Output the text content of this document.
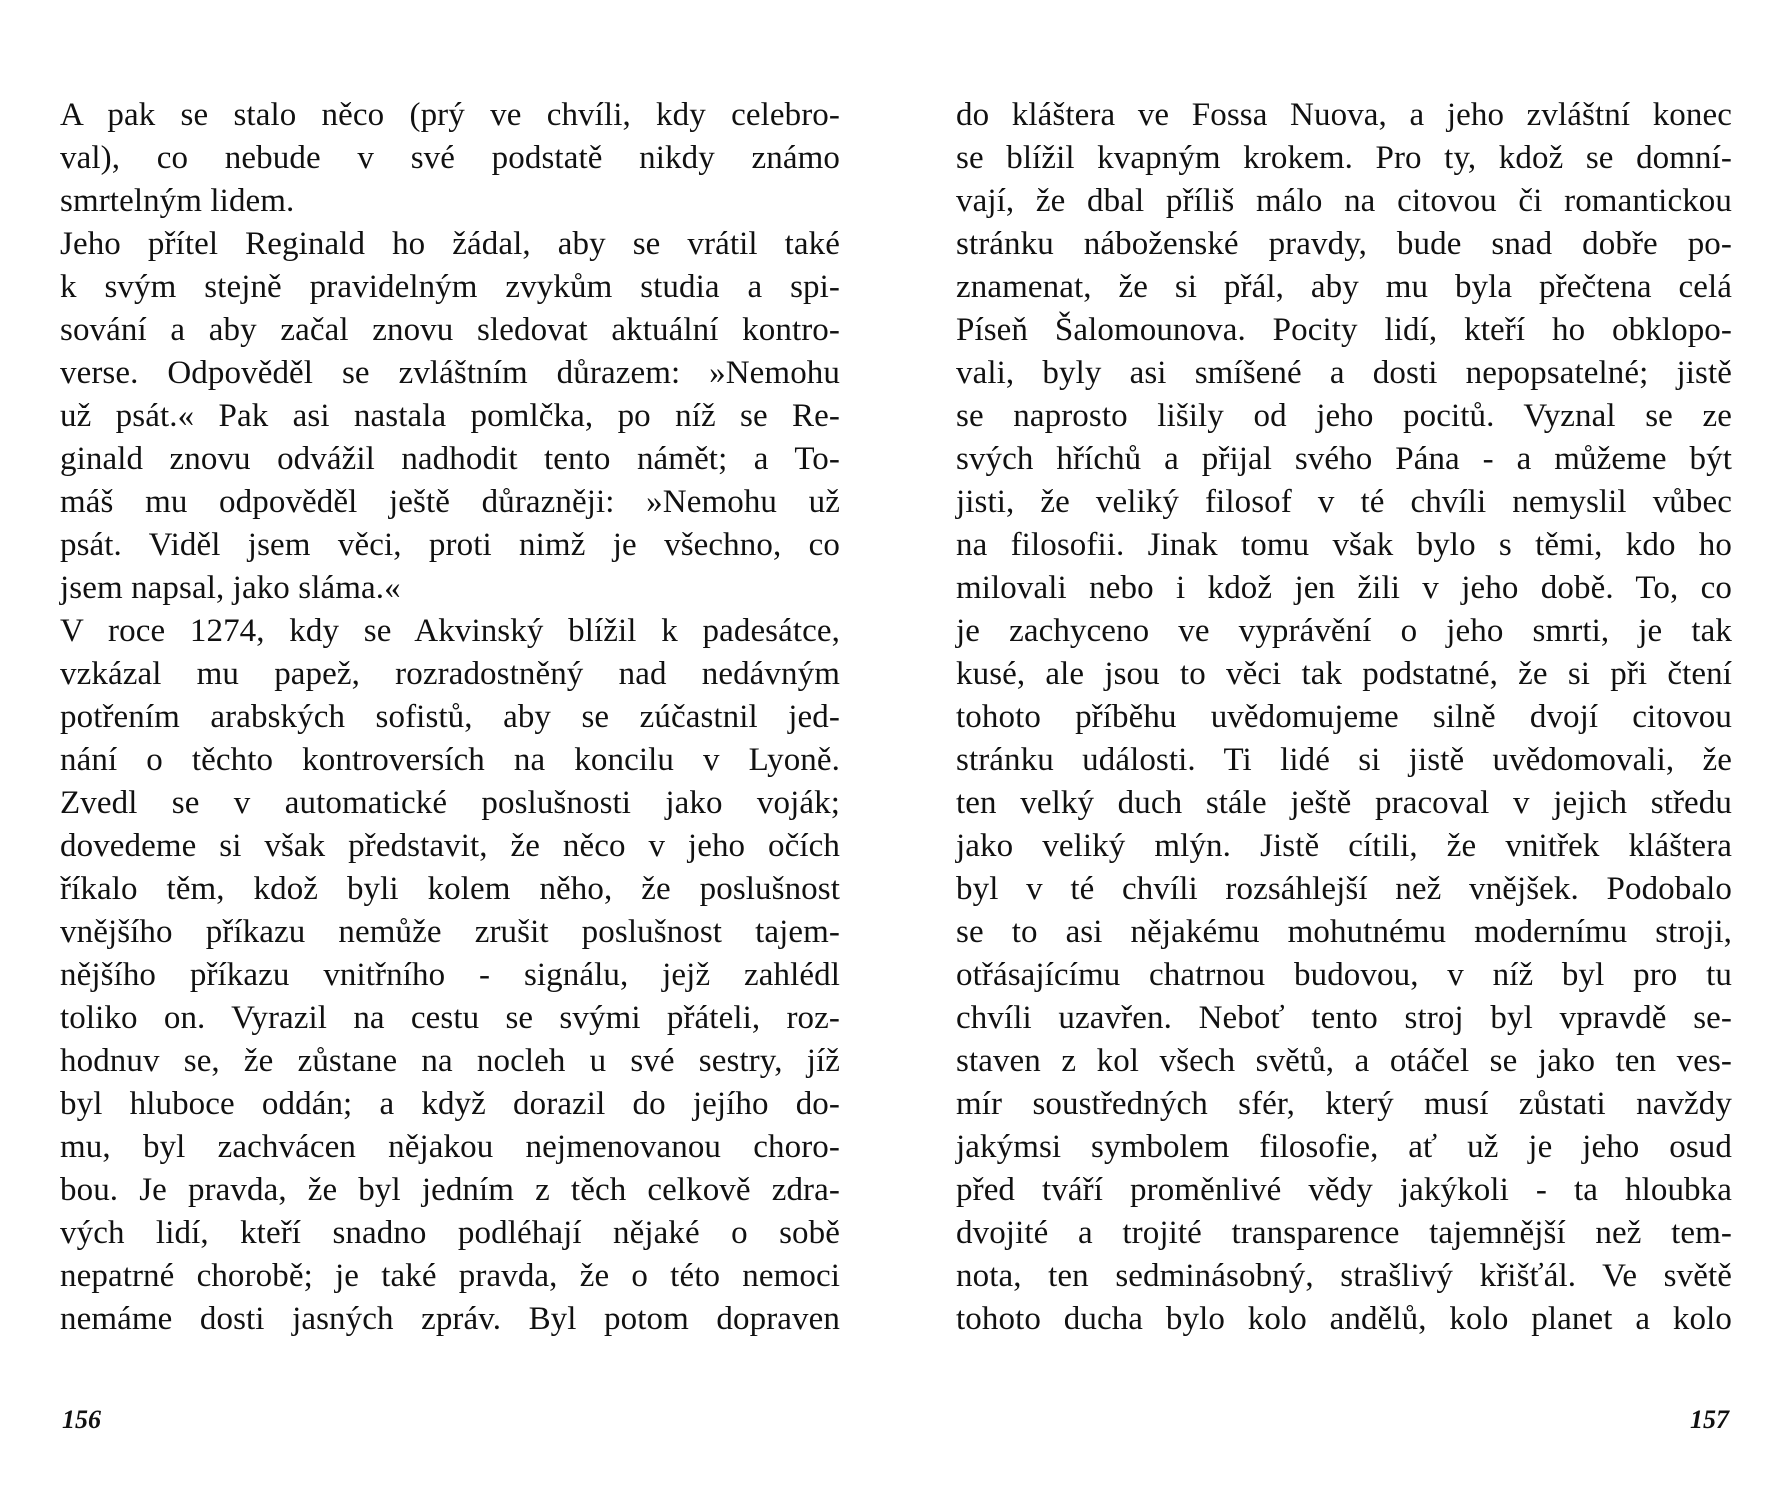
A pak se stalo něco (prý ve chvíli, kdy celebro-
val), co nebude v své podstatě nikdy známo
smrtelným lidem.
Jeho přítel Reginald ho žádal, aby se vrátil také
k svým stejně pravidelným zvykům studia a spi-
sování a aby začal znovu sledovat aktuální kontro-
verse. Odpověděl se zvláštním důrazem: »Nemohu
už psát.« Pak asi nastala pomlčka, po níž se Re-
ginald znovu odvážil nadhodit tento námět; a To-
máš mu odpověděl ještě důrazněji: »Nemohu už
psát. Viděl jsem věci, proti nimž je všechno, co
jsem napsal, jako sláma.«
V roce 1274, kdy se Akvinský blížil k padesátce,
vzkázal mu papež, rozradostněný nad nedávným
potřením arabských sofistů, aby se zúčastnil jed-
nání o těchto kontroversích na koncilu v Lyoně.
Zvedl se v automatické poslušnosti jako voják;
dovedeme si však představit, že něco v jeho očích
říkalo těm, kdož byli kolem něho, že poslušnost
vnějšího příkazu nemůže zrušit poslušnost tajem-
nějšího příkazu vnitřního - signálu, jejž zahlédl
toliko on. Vyrazil na cestu se svými přáteli, roz-
hodnuv se, že zůstane na nocleh u své sestry, jíž
byl hluboce oddán; a když dorazil do jejího do-
mu, byl zachvácen nějakou nejmenovanou choro-
bou. Je pravda, že byl jedním z těch celkově zdra-
vých lidí, kteří snadno podléhají nějaké o sobě
nepatrné chorobě; je také pravda, že o této nemoci
nemáme dosti jasných zpráv. Byl potom dopraven
156
do kláštera ve Fossa Nuova, a jeho zvláštní konec
se blížil kvapným krokem. Pro ty, kdož se domní-
vají, že dbal příliš málo na citovou či romantickou
stránku náboženské pravdy, bude snad dobře po-
znamenat, že si přál, aby mu byla přečtena celá
Píseň Šalomounova. Pocity lidí, kteří ho obklopo-
vali, byly asi smíšené a dosti nepopsatelné; jistě
se naprosto lišily od jeho pocitů. Vyznal se ze
svých hříchů a přijal svého Pána - a můžeme být
jisti, že veliký filosof v té chvíli nemyslil vůbec
na filosofii. Jinak tomu však bylo s těmi, kdo ho
milovali nebo i kdož jen žili v jeho době. To, co
je zachyceno ve vyprávění o jeho smrti, je tak
kusé, ale jsou to věci tak podstatné, že si při čtení
tohoto příběhu uvědomujeme silně dvojí citovou
stránku události. Ti lidé si jistě uvědomovali, že
ten velký duch stále ještě pracoval v jejich středu
jako veliký mlýn. Jistě cítili, že vnitřek kláštera
byl v té chvíli rozsáhlejší než vnějšek. Podobalo
se to asi nějakému mohutnému modernímu stroji,
otřásajícímu chatrnou budovou, v níž byl pro tu
chvíli uzavřen. Neboť tento stroj byl vpravdě se-
staven z kol všech světů, a otáčel se jako ten ves-
mír soustředných sfér, který musí zůstati navždy
jakýmsi symbolem filosofie, ať už je jeho osud
před tváří proměnlivé vědy jakýkoli - ta hloubka
dvojité a trojité transparence tajemnější než tem-
nota, ten sedminásobný, strašlivý křišťál. Ve světě
tohoto ducha bylo kolo andělů, kolo planet a kolo
157
